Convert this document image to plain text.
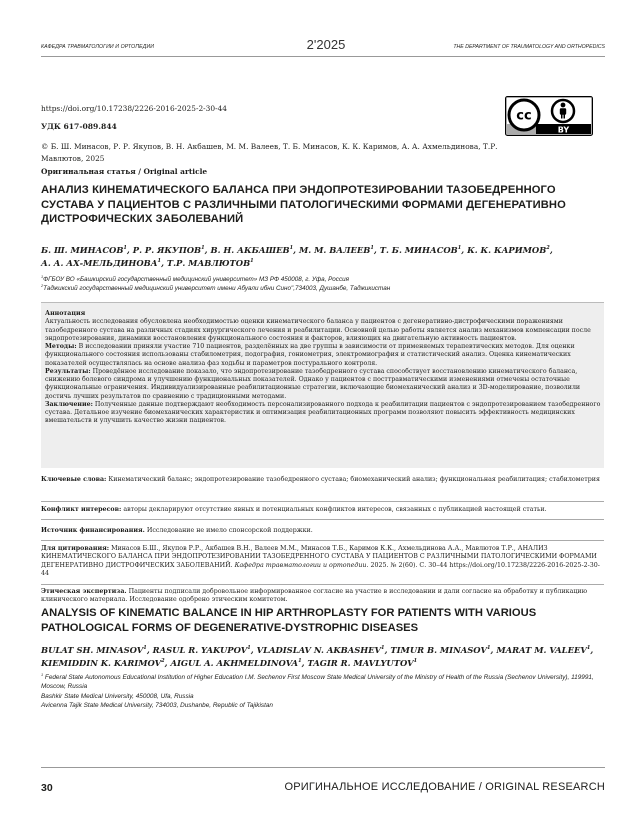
КАФЕДРА ТРАВМАТОЛОГИИ И ОРТОПЕДИИ	2'2025	THE DEPARTMENT OF TRAUMATOLOGY AND ORTHOPEDICS
https://doi.org/10.17238/2226-2016-2025-2-30-44	cc
BY
УДК 617-089.844
© Б. Ш. Минасов, Р. Р. Якупов, В. Н. Акбашев, М. М. Валеев, Т. Б. Минасов, К. К. Каримов, А. А. Ахмельдинова, Т.Р. Мавлютов, 2025
Оригинальная статья / Original article
АНАЛИЗ КИНЕМАТИЧЕСКОГО БАЛАНСА ПРИ ЭНДОПРОТЕЗИРОВАНИИ ТАЗОБЕДРЕННОГО СУСТАВА У ПАЦИЕНТОВ С РАЗЛИЧНЫМИ ПАТОЛОГИЧЕСКИМИ ФОРМАМИ ДЕГЕНЕРАТИВНО ДИСТРОФИЧЕСКИХ ЗАБОЛЕВАНИЙ
Б. Ш. МИНАСОВ$^1$, Р. Р. ЯКУПОВ$^1$, В. Н. АКБАШЕВ$^1$, М. М. ВАЛЕЕВ$^1$, Т. Б. МИНАСОВ$^1$, К. К. КАРИМОВ$^2$,
А. А. АХ-МЕЛЬДИНОВА$^1$, Т.Р. МАВЛЮТОВ$^1$
$^1$ФГБОУ ВО «Башкирский государственный медицинский университет» МЗ РФ 450008, г. Уфа, Россия
$^2$Таджикский государственный медицинский университет имени Абуали ибни Сино",734003, Душанбе, Таджикистан
Аннотация
Актуальность исследования обусловлена необходимостью оценки кинематического баланса у пациентов с дегенеративно-дистрофическими поражениями тазобедренного сустава на различных стадиях хирургического лечения и реабилитации. Основной целью работы является анализ механизмов компенсации после эндопротезирования, динамики восстановления функционального состояния и факторов, влияющих на двигательную активность пациентов.
Методы: В исследовании приняли участие 710 пациентов, разделённых на две группы в зависимости от применяемых терапевтических методов. Для оценки функционального состояния использованы стабилометрия, подография, гониометрия, электромиография и статистический анализ. Оценка кинематических показателей осуществлялась на основе анализа фаз ходьбы и параметров постурального контроля.
Результаты: Проведённое исследование показало, что эндопротезирование тазобедренного сустава способствует восстановлению кинематического баланса, снижению болевого синдрома и улучшению функциональных показателей. Однако у пациентов с посттравматическими изменениями отмечены остаточные функциональные ограничения. Индивидуализированные реабилитационные стратегии, включающие биомеханический анализ и 3D-моделирование, позволили достичь лучших результатов по сравнению с традиционными методами.
Заключение: Полученные данные подтверждают необходимость персонализированного подхода к реабилитации пациентов с эндопротезированием тазобедренного сустава. Детальное изучение биомеханических характеристик и оптимизация реабилитационных программ позволяют повысить эффективность медицинских вмешательств и улучшить качество жизни пациентов.
Ключевые слова: Кинематический баланс; эндопротезирование тазобедренного сустава; биомеханический анализ; функциональная реабилитация; стабилометрия
Конфликт интересов: авторы декларируют отсутствие явных и потенциальных конфликтов интересов, связанных с публикацией настоящей статьи.
Источник финансирования. Исследование не имело спонсорской поддержки.
Для цитирования: Минасов Б.Ш., Якупов Р.Р., Акбашев В.Н., Валеев М.М., Минасов Т.Б., Каримов К.К., Ахмельдинова А.А., Мавлютов Т.Р., АНАЛИЗ КИНЕМАТИЧЕСКОГО БАЛАНСА ПРИ ЭНДОПРОТЕЗИРОВАНИИ ТАЗОБЕДРЕННОГО СУСТАВА У ПАЦИЕНТОВ С РАЗЛИЧНЫМИ ПАТОЛОГИЧЕСКИМИ ФОРМАМИ ДЕГЕНЕРАТИВНО ДИСТРОФИЧЕСКИХ ЗАБОЛЕВАНИЙ. Кафедра травматологии и ортопедии. 2025. № 2(60). С. 30–44 https://doi.org/10.17238/2226-2016-2025-2-30-44
Этическая экспертиза. Пациенты подписали добровольное информированное согласие на участие в исследовании и дали согласие на обработку и публикацию клинического материала. Исследование одобрено этическим комитетом.
ANALYSIS OF KINEMATIC BALANCE IN HIP ARTHROPLASTY FOR PATIENTS WITH VARIOUS PATHOLOGICAL FORMS OF DEGENERATIVE-DYSTROPHIC DISEASES
BULAT SH. MINASOV$^1$, RASUL R. YAKUPOV$^1$, VLADISLAV N. AKBASHEV$^1$, TIMUR B. MINASOV$^1$, MARAT M. VALEEV$^1$, KIEMIDDIN K. KARIMOV$^2$, AIGUL A. AKHMELDINOVA$^1$, TAGIR R. MAVLYUTOV$^1$
$^1$ Federal State Autonomous Educational Institution of Higher Education I.M. Sechenov First Moscow State Medical University of the Ministry of Health of the Russia (Sechenov University), 119991, Moscow, Russia
Bashkir State Medical University, 450008, Ufa, Russia
Avicenna Tajik State Medical University, 734003, Dushanbe, Republic of Tajikistan
30	ОРИГИНАЛЬНОЕ ИССЛЕДОВАНИЕ / ORIGINAL RESEARCH
